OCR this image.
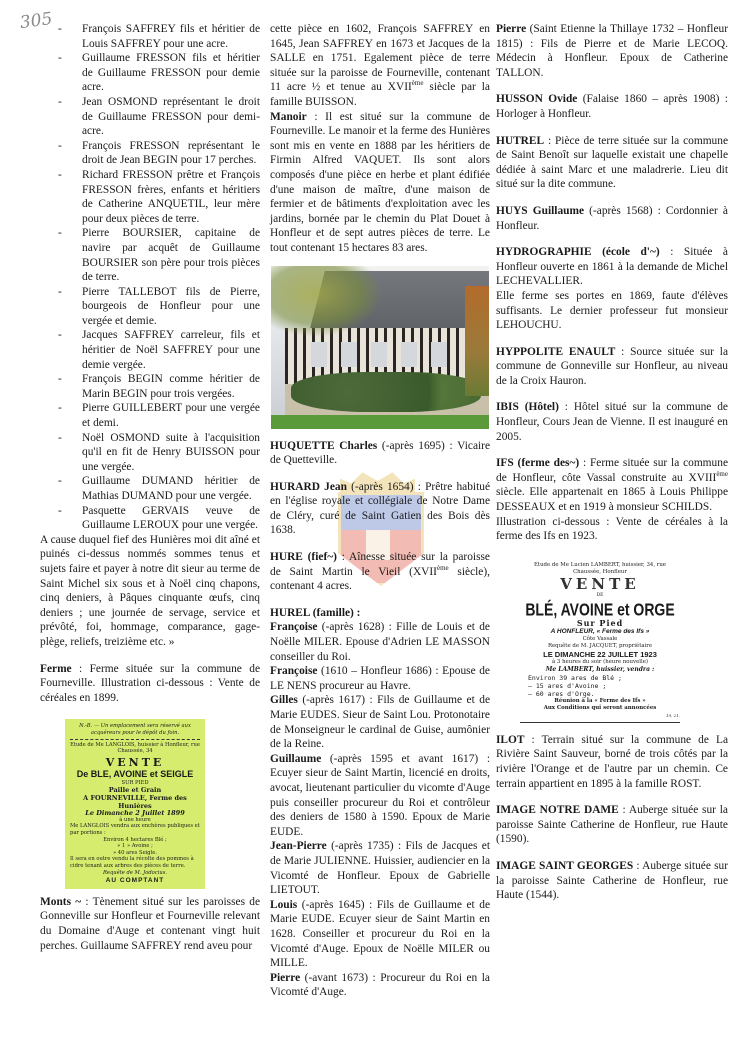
305 - François SAFFREY fils et héritier de Louis SAFFREY pour une acre.
- Guillaume FRESSON fils et héritier de Guillaume FRESSON pour demie acre.
- Jean OSMOND représentant le droit de Guillaume FRESSON pour demi-acre.
- François FRESSON représentant le droit de Jean BEGIN pour 17 perches.
- Richard FRESSON prêtre et François FRESSON frères, enfants et héritiers de Catherine ANQUETIL, leur mère pour deux pièces de terre.
- Pierre BOURSIER, capitaine de navire par acquêt de Guillaume BOURSIER son père pour trois pièces de terre.
- Pierre TALLEBOT fils de Pierre, bourgeois de Honfleur pour une vergée et demie.
- Jacques SAFFREY carreleur, fils et héritier de Noël SAFFREY pour une demie vergée.
- François BEGIN comme héritier de Marin BEGIN pour trois vergées.
- Pierre GUILLEBERT pour une vergée et demi.
- Noël OSMOND suite à l'acquisition qu'il en fit de Henry BUISSON pour une vergée.
- Guillaume DUMAND héritier de Mathias DUMAND pour une vergée.
- Pasquette GERVAIS veuve de Guillaume LEROUX pour une vergée.

A cause duquel fief des Hunières moi dit aîné et puinés ci-dessus nommés sommes tenus et sujets faire et payer à notre dit sieur au terme de Saint Michel six sous et à Noël cinq chapons, cinq deniers, à Pâques cinquante œufs, cinq deniers ; une journée de servage, service et prévôté, foi, hommage, comparance, gage-plège, reliefs, treizième etc. »

Ferme : Ferme située sur la commune de Fourneville. Illustration ci-dessous : Vente de céréales en 1899.

N.-B. — Un emplacement sera réservé aux acquéreurs pour le dépôt du foin.
Etude de Me LANGLOIS, huissier à Honfleur, rue Chaussée, 34
VENTE
De BLE, AVOINE et SEIGLE
SUR PIED
Paille et Grain
A FOURNEVILLE, Ferme des Hunières
Le Dimanche 2 Juillet 1899
à une heure
Me LANGLOIS vendra aux enchères publiques et par portions :
Environ 4 hectares Blé ;
» 1 » Avoine ;
» 40 ares Seigle.
Il sera en outre vendu la récolte des pommes à cidre tenant aux arbres des pièces de terre.
Requête de M. Jodocius.
AU COMPTANT

Monts ~ : Tènement situé sur les paroisses de Gonneville sur Honfleur et Fourneville relevant du Domaine d'Auge et contenant vingt huit perches. Guillaume SAFFREY rend aveu pour

cette pièce en 1602, François SAFFREY en 1645, Jean SAFFREY en 1673 et Jacques de la SALLE en 1751. Egalement pièce de terre située sur la paroisse de Fourneville, contenant 11 acre ½ et tenue au XVIIème siècle par la famille BUISSON.

Manoir : Il est situé sur la commune de Fourneville. Le manoir et la ferme des Hunières sont mis en vente en 1888 par les héritiers de Firmin Alfred VAQUET. Ils sont alors composés d'une pièce en herbe et plant édifiée d'une maison de maître, d'une maison de fermier et de bâtiments d'exploitation avec les jardins, bornée par le chemin du Plat Douet à Honfleur et de sept autres pièces de terre. Le tout contenant 15 hectares 83 ares.

HUQUETTE Charles (-après 1695) : Vicaire de Quetteville.

HURARD Jean (-après 1654) : Prêtre habitué en l'église royale et collégiale de Notre Dame de Cléry, curé de Saint Gatien des Bois dès 1638.

HURE (fief~) : Aînesse située sur la paroisse de Saint Martin le Vieil (XVIIème siècle), contenant 4 acres.

HUREL (famille) :

Françoise (-après 1628) : Fille de Louis et de Noëlle MILER. Epouse d'Adrien LE MASSON conseiller du Roi.

Françoise (1610 – Honfleur 1686) : Epouse de LE NENS procureur au Havre.

Gilles (-après 1617) : Fils de Guillaume et de Marie EUDES. Sieur de Saint Lou. Protonotaire de Monseigneur le cardinal de Guise, aumônier de la Reine.

Guillaume (-après 1595 et avant 1617) : Ecuyer sieur de Saint Martin, licencié en droits, avocat, lieutenant particulier du vicomte d'Auge puis conseiller procureur du Roi et contrôleur des deniers de 1580 à 1590. Epoux de Marie EUDE.

Jean-Pierre (-après 1735) : Fils de Jacques et de Marie JULIENNE. Huissier, audiencier en la Vicomté de Honfleur. Epoux de Gabrielle LIETOUT.

Louis (-après 1645) : Fils de Guillaume et de Marie EUDE. Ecuyer sieur de Saint Martin en 1628. Conseiller et procureur du Roi en la Vicomté d'Auge. Epoux de Noëlle MILER ou MILLE.

Pierre (-avant 1673) : Procureur du Roi en la Vicomté d'Auge.

Pierre (Saint Etienne la Thillaye 1732 – Honfleur 1815) : Fils de Pierre et de Marie LECOQ. Médecin à Honfleur. Epoux de Catherine TALLON.

HUSSON Ovide (Falaise 1860 – après 1908) : Horloger à Honfleur.

HUTREL : Pièce de terre située sur la commune de Saint Benoît sur laquelle existait une chapelle dédiée à saint Marc et une maladrerie. Lieu dit situé sur la dite commune.

HUYS Guillaume (-après 1568) : Cordonnier à Honfleur.

HYDROGRAPHIE (école d'~) : Située à Honfleur ouverte en 1861 à la demande de Michel LECHEVALLIER.

Elle ferme ses portes en 1869, faute d'élèves suffisants. Le dernier professeur fut monsieur LEHOUCHU.

HYPPOLITE ENAULT : Source située sur la commune de Gonneville sur Honfleur, au niveau de la Croix Hauron.

IBIS (Hôtel) : Hôtel situé sur la commune de Honfleur, Cours Jean de Vienne. Il est inauguré en 2005.

IFS (ferme des~) : Ferme située sur la commune de Honfleur, côte Vassal construite au XVIIIème siècle. Elle appartenait en 1865 à Louis Philippe DESSEAUX et en 1919 à monsieur SCHILDS.

Illustration ci-dessous : Vente de céréales à la ferme des Ifs en 1923.

Etude de Me Lucien LAMBERT, huissier, 34, rue Chaussée, Honfleur
VENTE
DE
BLÉ, AVOINE et ORGE
Sur Pied
A HONFLEUR, « Ferme des Ifs »
Côte Vassale
Requête de M. JACQUET, propriétaire
LE DIMANCHE 22 JUILLET 1923
à 3 heures du soir (heure nouvelle)
Me LAMBERT, huissier, vendra :
Environ 39 ares de Blé ;
— 15 ares d'Avoine ;
— 60 ares d'Orge.
Réunion à la « Ferme des Ifs »
Aux Conditions qui seront annoncées
19, 21.

ILOT : Terrain situé sur la commune de La Rivière Saint Sauveur, borné de trois côtés par la rivière l'Orange et de l'autre par un chemin. Ce terrain appartient en 1895 à la famille ROST.

IMAGE NOTRE DAME : Auberge située sur la paroisse Sainte Catherine de Honfleur, rue Haute (1590).

IMAGE SAINT GEORGES : Auberge située sur la paroisse Sainte Catherine de Honfleur, rue Haute (1544).
